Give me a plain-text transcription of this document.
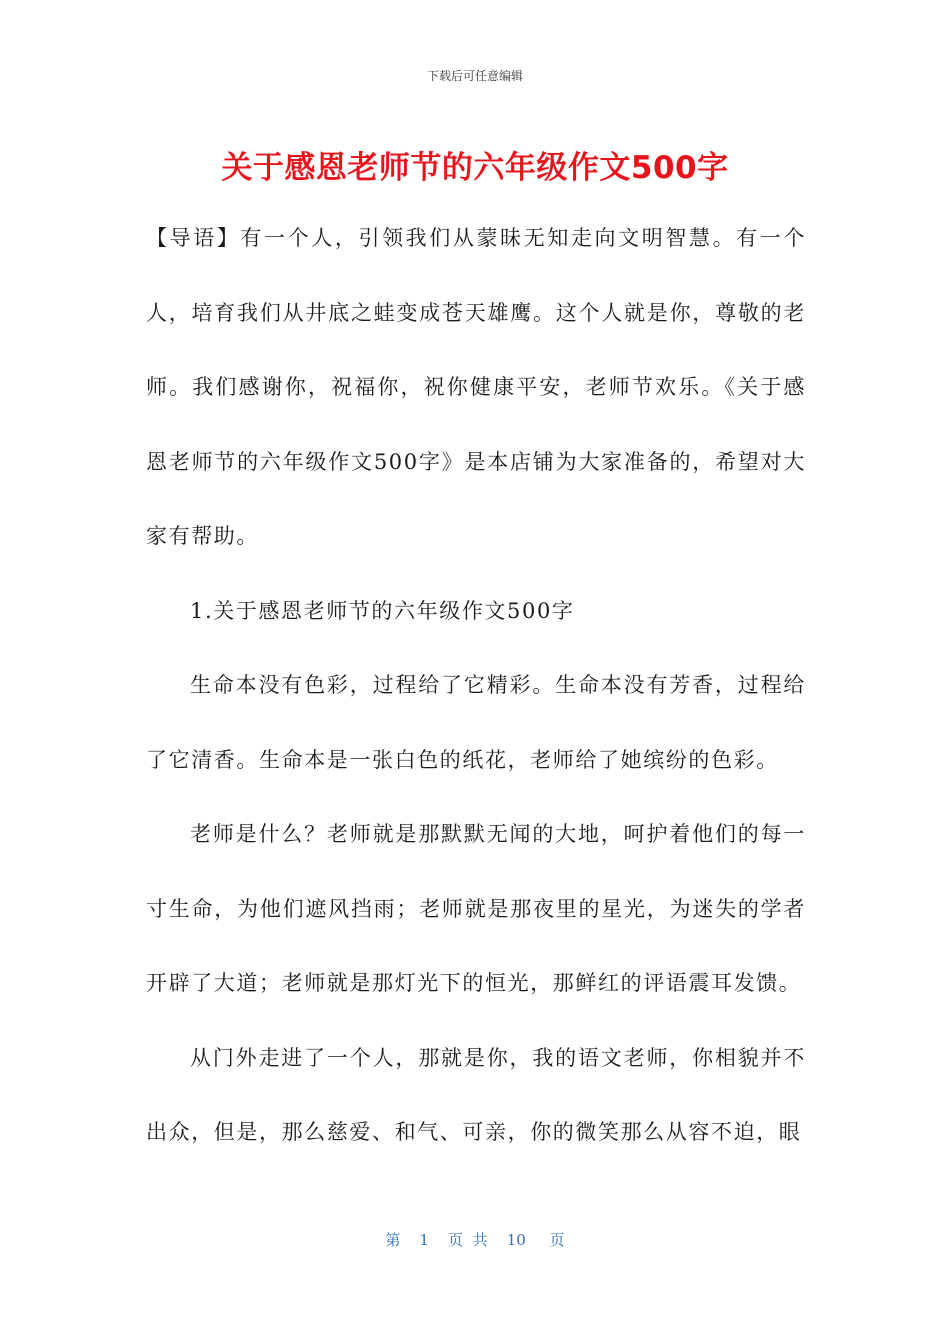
下载后可任意编辑
关于感恩老师节的六年级作文500字

【导语】有一个人，引领我们从蒙昧无知走向文明智慧。有一个人，培育我们从井底之蛙变成苍天雄鹰。这个人就是你，尊敬的老师。我们感谢你，祝福你，祝你健康平安，老师节欢乐。《关于感恩老师节的六年级作文500字》是本店铺为大家准备的，希望对大家有帮助。

1.关于感恩老师节的六年级作文500字

生命本没有色彩，过程给了它精彩。生命本没有芳香，过程给了它清香。生命本是一张白色的纸花，老师给了她缤纷的色彩。

老师是什么？老师就是那默默无闻的大地，呵护着他们的每一寸生命，为他们遮风挡雨；老师就是那夜里的星光，为迷失的学者开辟了大道；老师就是那灯光下的恒光，那鲜红的评语震耳发馈。

从门外走进了一个人，那就是你，我的语文老师，你相貌并不出众，但是，那么慈爱、和气、可亲，你的微笑那么从容不迫，眼

第 1 页 共 10 页
